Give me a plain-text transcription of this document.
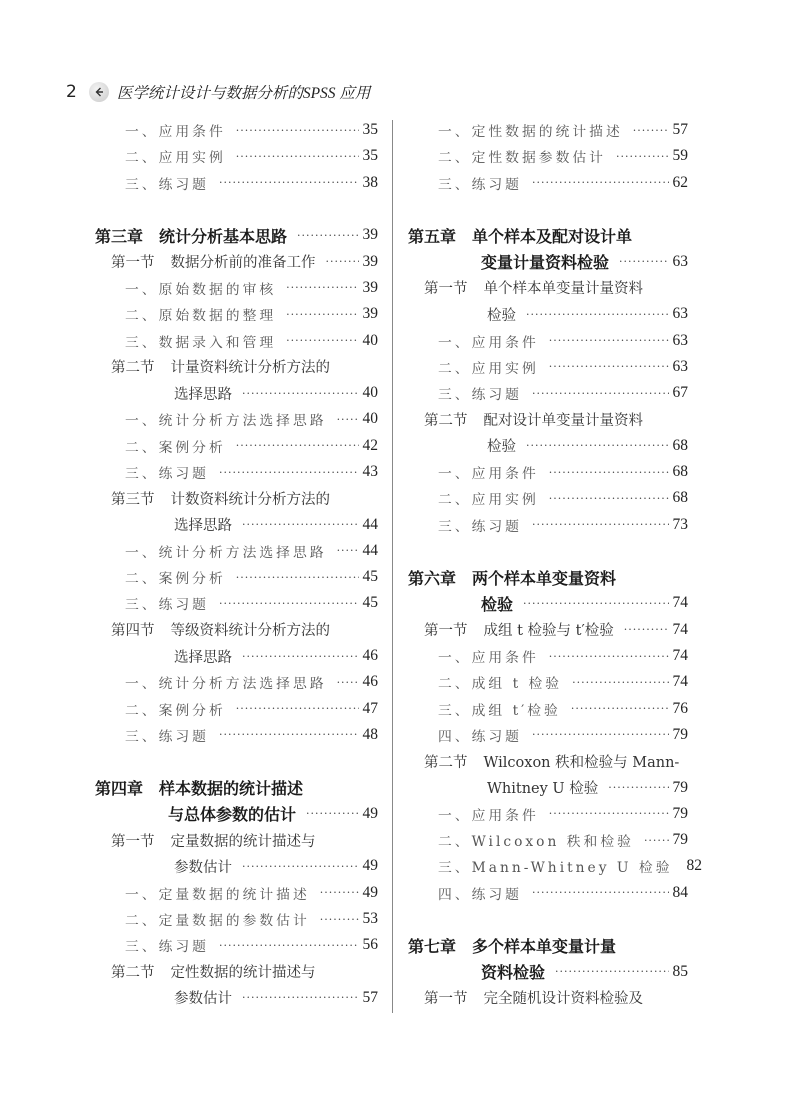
2	医学统计设计与数据分析的SPSS 应用
一、应用条件 ·····	35
二、应用实例 ·····	35
三、练习题 ·····	38
第三章 统计分析基本思路 ·····	39
第一节 数据分析前的准备工作 ·····	39
一、原始数据的审核 ·····	39
二、原始数据的整理 ·····	39
三、数据录入和管理 ·····	40
第二节 计量资料统计分析方法的
选择思路 ·····	40
一、统计分析方法选择思路 ····· 40
二、案例分析 ·····	42
三、练习题 ·····	43
第三节 计数资料统计分析方法的
选择思路 ·····	44
一、统计分析方法选择思路 ····· 44
二、案例分析 ·····	45
三、练习题 ·····	45
第四节 等级资料统计分析方法的
选择思路 ·····	46
一、统计分析方法选择思路 ····· 46
二、案例分析 ·····	47
三、练习题 ·····	48
第四章 样本数据的统计描述
与总体参数的估计 ·····	49
第一节 定量数据的统计描述与
参数估计 ·····	49
一、定量数据的统计描述 ·····	49
二、定量数据的参数估计 ·····	53
三、练习题 ·····	56
第二节 定性数据的统计描述与
参数估计 ·····	57
一、定性数据的统计描述 ·····	57
二、定性数据参数估计 ·····	59
三、练习题 ·····	62
第五章 单个样本及配对设计单
变量计量资料检验 ·····	63
第一节 单个样本单变量计量资料
检验 ·····	63
一、应用条件 ·····	63
二、应用实例 ·····	63
三、练习题 ·····	67
第二节 配对设计单变量计量资料
检验 ·····	68
一、应用条件 ·····	68
二、应用实例 ·····	68
三、练习题 ·····	73
第六章 两个样本单变量资料
检验 ·····	74
第一节 成组 t 检验与 t′检验 ·····	74
一、应用条件 ·····	74
二、成组 t 检验 ·····	74
三、成组 t′检验 ·····	76
四、练习题 ·····	79
第二节 Wilcoxon 秩和检验与 Mann-
Whitney U 检验 ·····	79
一、应用条件 ·····	79
二、Wilcoxon 秩和检验 ····· 79
三、Mann-Whitney U 检验 82
四、练习题 ·····	84
第七章 多个样本单变量计量
资料检验 ·····	85
第一节 完全随机设计资料检验及
